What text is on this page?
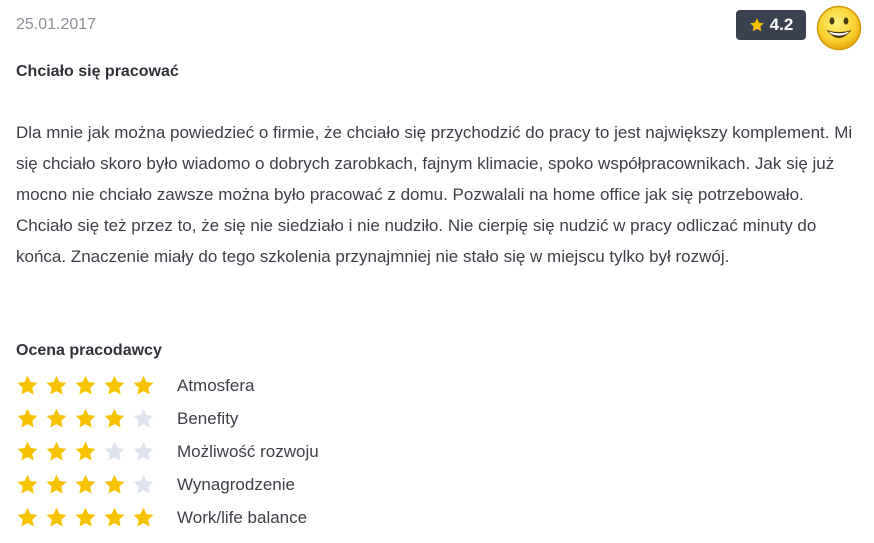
25.01.2017	4.2
Chciało się pracować

Dla mnie jak można powiedzieć o firmie, że chciało się przychodzić do pracy to jest największy komplement. Mi się chciało skoro było wiadomo o dobrych zarobkach, fajnym klimacie, spoko współpracownikach. Jak się już mocno nie chciało zawsze można było pracować z domu. Pozwalali na home office jak się potrzebowało. Chciało się też przez to, że się nie siedziało i nie nudziło. Nie cierpię się nudzić w pracy odliczać minuty do końca. Znaczenie miały do tego szkolenia przynajmniej nie stało się w miejscu tylko był rozwój.

Ocena pracodawcy
Atmosfera
Benefity
Możliwość rozwoju
Wynagrodzenie
Work/life balance
